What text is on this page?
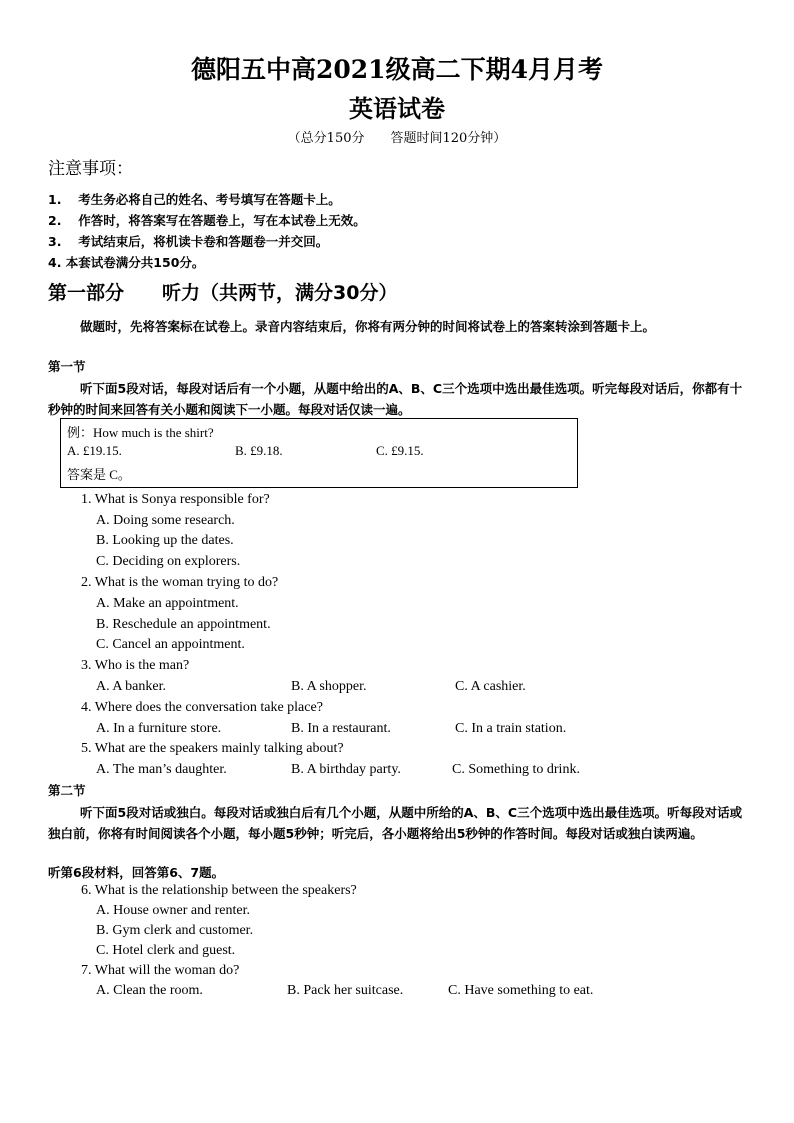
德阳五中高2021级高二下期4月月考
英语试卷
（总分150分　　答题时间120分钟）
注意事项：
1.　 考生务必将自己的姓名、考号填写在答题卡上。
2.　 作答时，将答案写在答题卷上，写在本试卷上无效。
3.　 考试结束后，将机读卡卷和答题卷一并交回。
4. 本套试卷满分共150分。
第一部分　　听力（共两节，满分30分）
做题时，先将答案标在试卷上。录音内容结束后，你将有两分钟的时间将试卷上的答案转涂到答题卡上。
第一节
听下面5段对话，每段对话后有一个小题，从题中给出的A、B、C三个选项中选出最佳选项。听完每段对话后，你都有十秒钟的时间来回答有关小题和阅读下一小题。每段对话仅读一遍。
例：How much is the shirt?
A. £19.15.	B. £9.18.	C. £9.15.
答案是 C。
1. What is Sonya responsible for?
A. Doing some research.
B. Looking up the dates.
C. Deciding on explorers.
2. What is the woman trying to do?
A. Make an appointment.
B. Reschedule an appointment.
C. Cancel an appointment.
3. Who is the man?
A. A banker.	B. A shopper.	C. A cashier.
4. Where does the conversation take place?
A. In a furniture store.	B. In a restaurant.	C. In a train station.
5. What are the speakers mainly talking about?
A. The man’s daughter.	B. A birthday party.	C. Something to drink.
第二节
听下面5段对话或独白。每段对话或独白后有几个小题，从题中所给的A、B、C三个选项中选出最佳选项。听每段对话或独白前，你将有时间阅读各个小题，每小题5秒钟；听完后，各小题将给出5秒钟的作答时间。每段对话或独白读两遍。
听第6段材料，回答第6、7题。
6. What is the relationship between the speakers?
A. House owner and renter.
B. Gym clerk and customer.
C. Hotel clerk and guest.
7. What will the woman do?
A. Clean the room.	B. Pack her suitcase.	C. Have something to eat.
